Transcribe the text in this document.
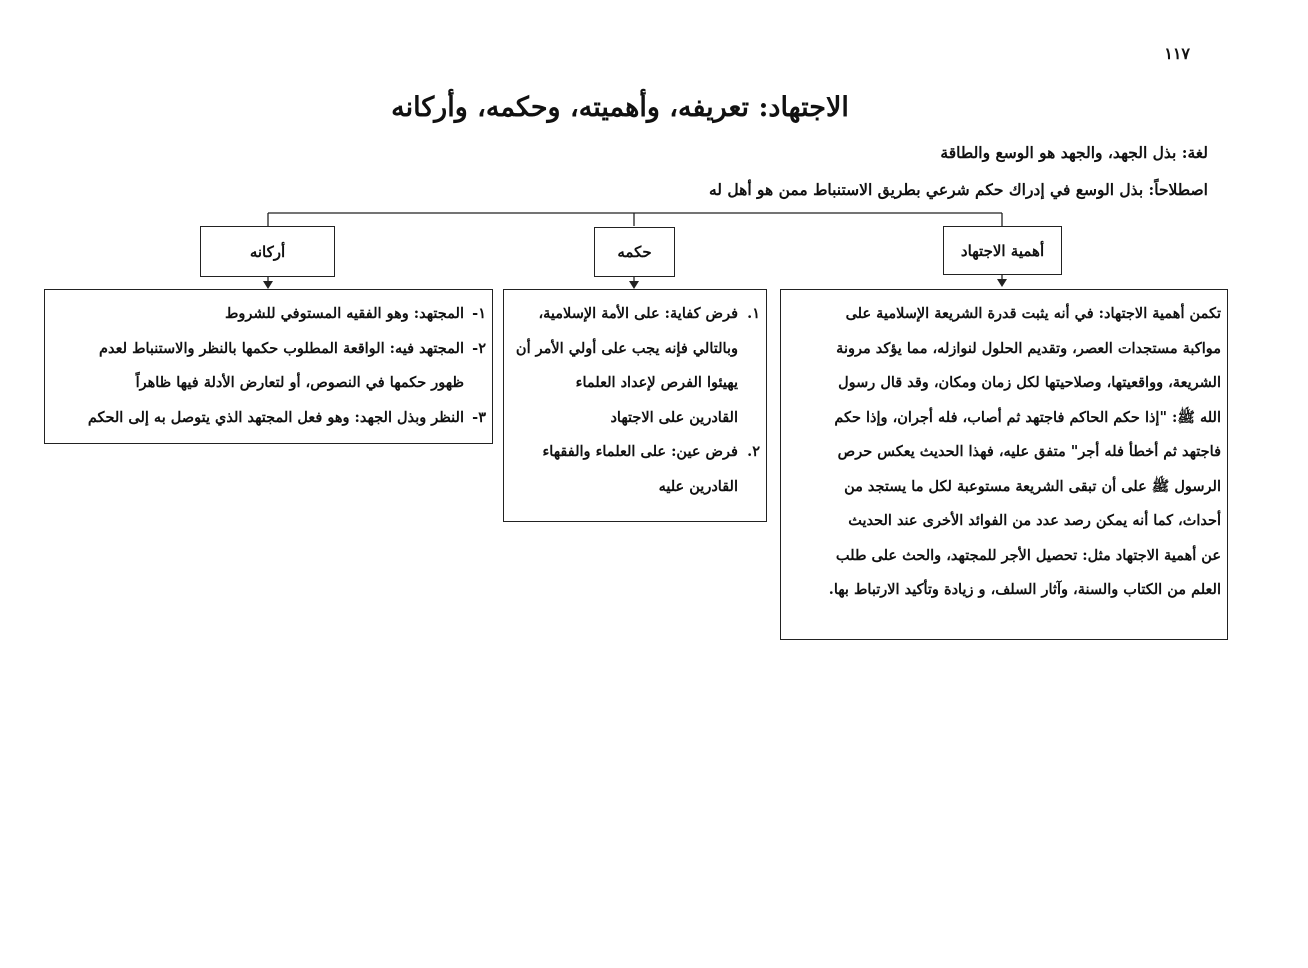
١١٧
الاجتهاد: تعريفه، وأهميته، وحكمه، وأركانه
لغة: بذل الجهد، والجهد هو الوسع والطاقة
اصطلاحاً: بذل الوسع في إدراك حكم شرعي بطريق الاستنباط ممن هو أهل له
أهمية الاجتهاد
حكمه
أركانه
تكمن أهمية الاجتهاد: في أنه يثبت قدرة الشريعة الإسلامية على
مواكبة مستجدات العصر، وتقديم الحلول لنوازله، مما يؤكد مرونة
الشريعة، وواقعيتها، وصلاحيتها لكل زمان ومكان، وقد قال رسول
الله ﷺ: "إذا حكم الحاكم فاجتهد ثم أصاب، فله أجران، وإذا حكم
فاجتهد ثم أخطأ فله أجر" متفق عليه، فهذا الحديث يعكس حرص
الرسول ﷺ على أن تبقى الشريعة مستوعبة لكل ما يستجد من
أحداث، كما أنه يمكن رصد عدد من الفوائد الأخرى عند الحديث
عن أهمية الاجتهاد مثل: تحصيل الأجر للمجتهد، والحث على طلب
العلم من الكتاب والسنة، وآثار السلف، و زيادة وتأكيد الارتباط بها.
١.فرض كفاية: على الأمة الإسلامية،
وبالتالي فإنه يجب على أولي الأمر أن
يهيئوا الفرص لإعداد العلماء
القادرين على الاجتهاد
٢.فرض عين: على العلماء والفقهاء
القادرين عليه
١-المجتهد: وهو الفقيه المستوفي للشروط
٢-المجتهد فيه: الواقعة المطلوب حكمها بالنظر والاستنباط لعدم
ظهور حكمها في النصوص، أو لتعارض الأدلة فيها ظاهراً
٣-النظر وبذل الجهد: وهو فعل المجتهد الذي يتوصل به إلى الحكم
